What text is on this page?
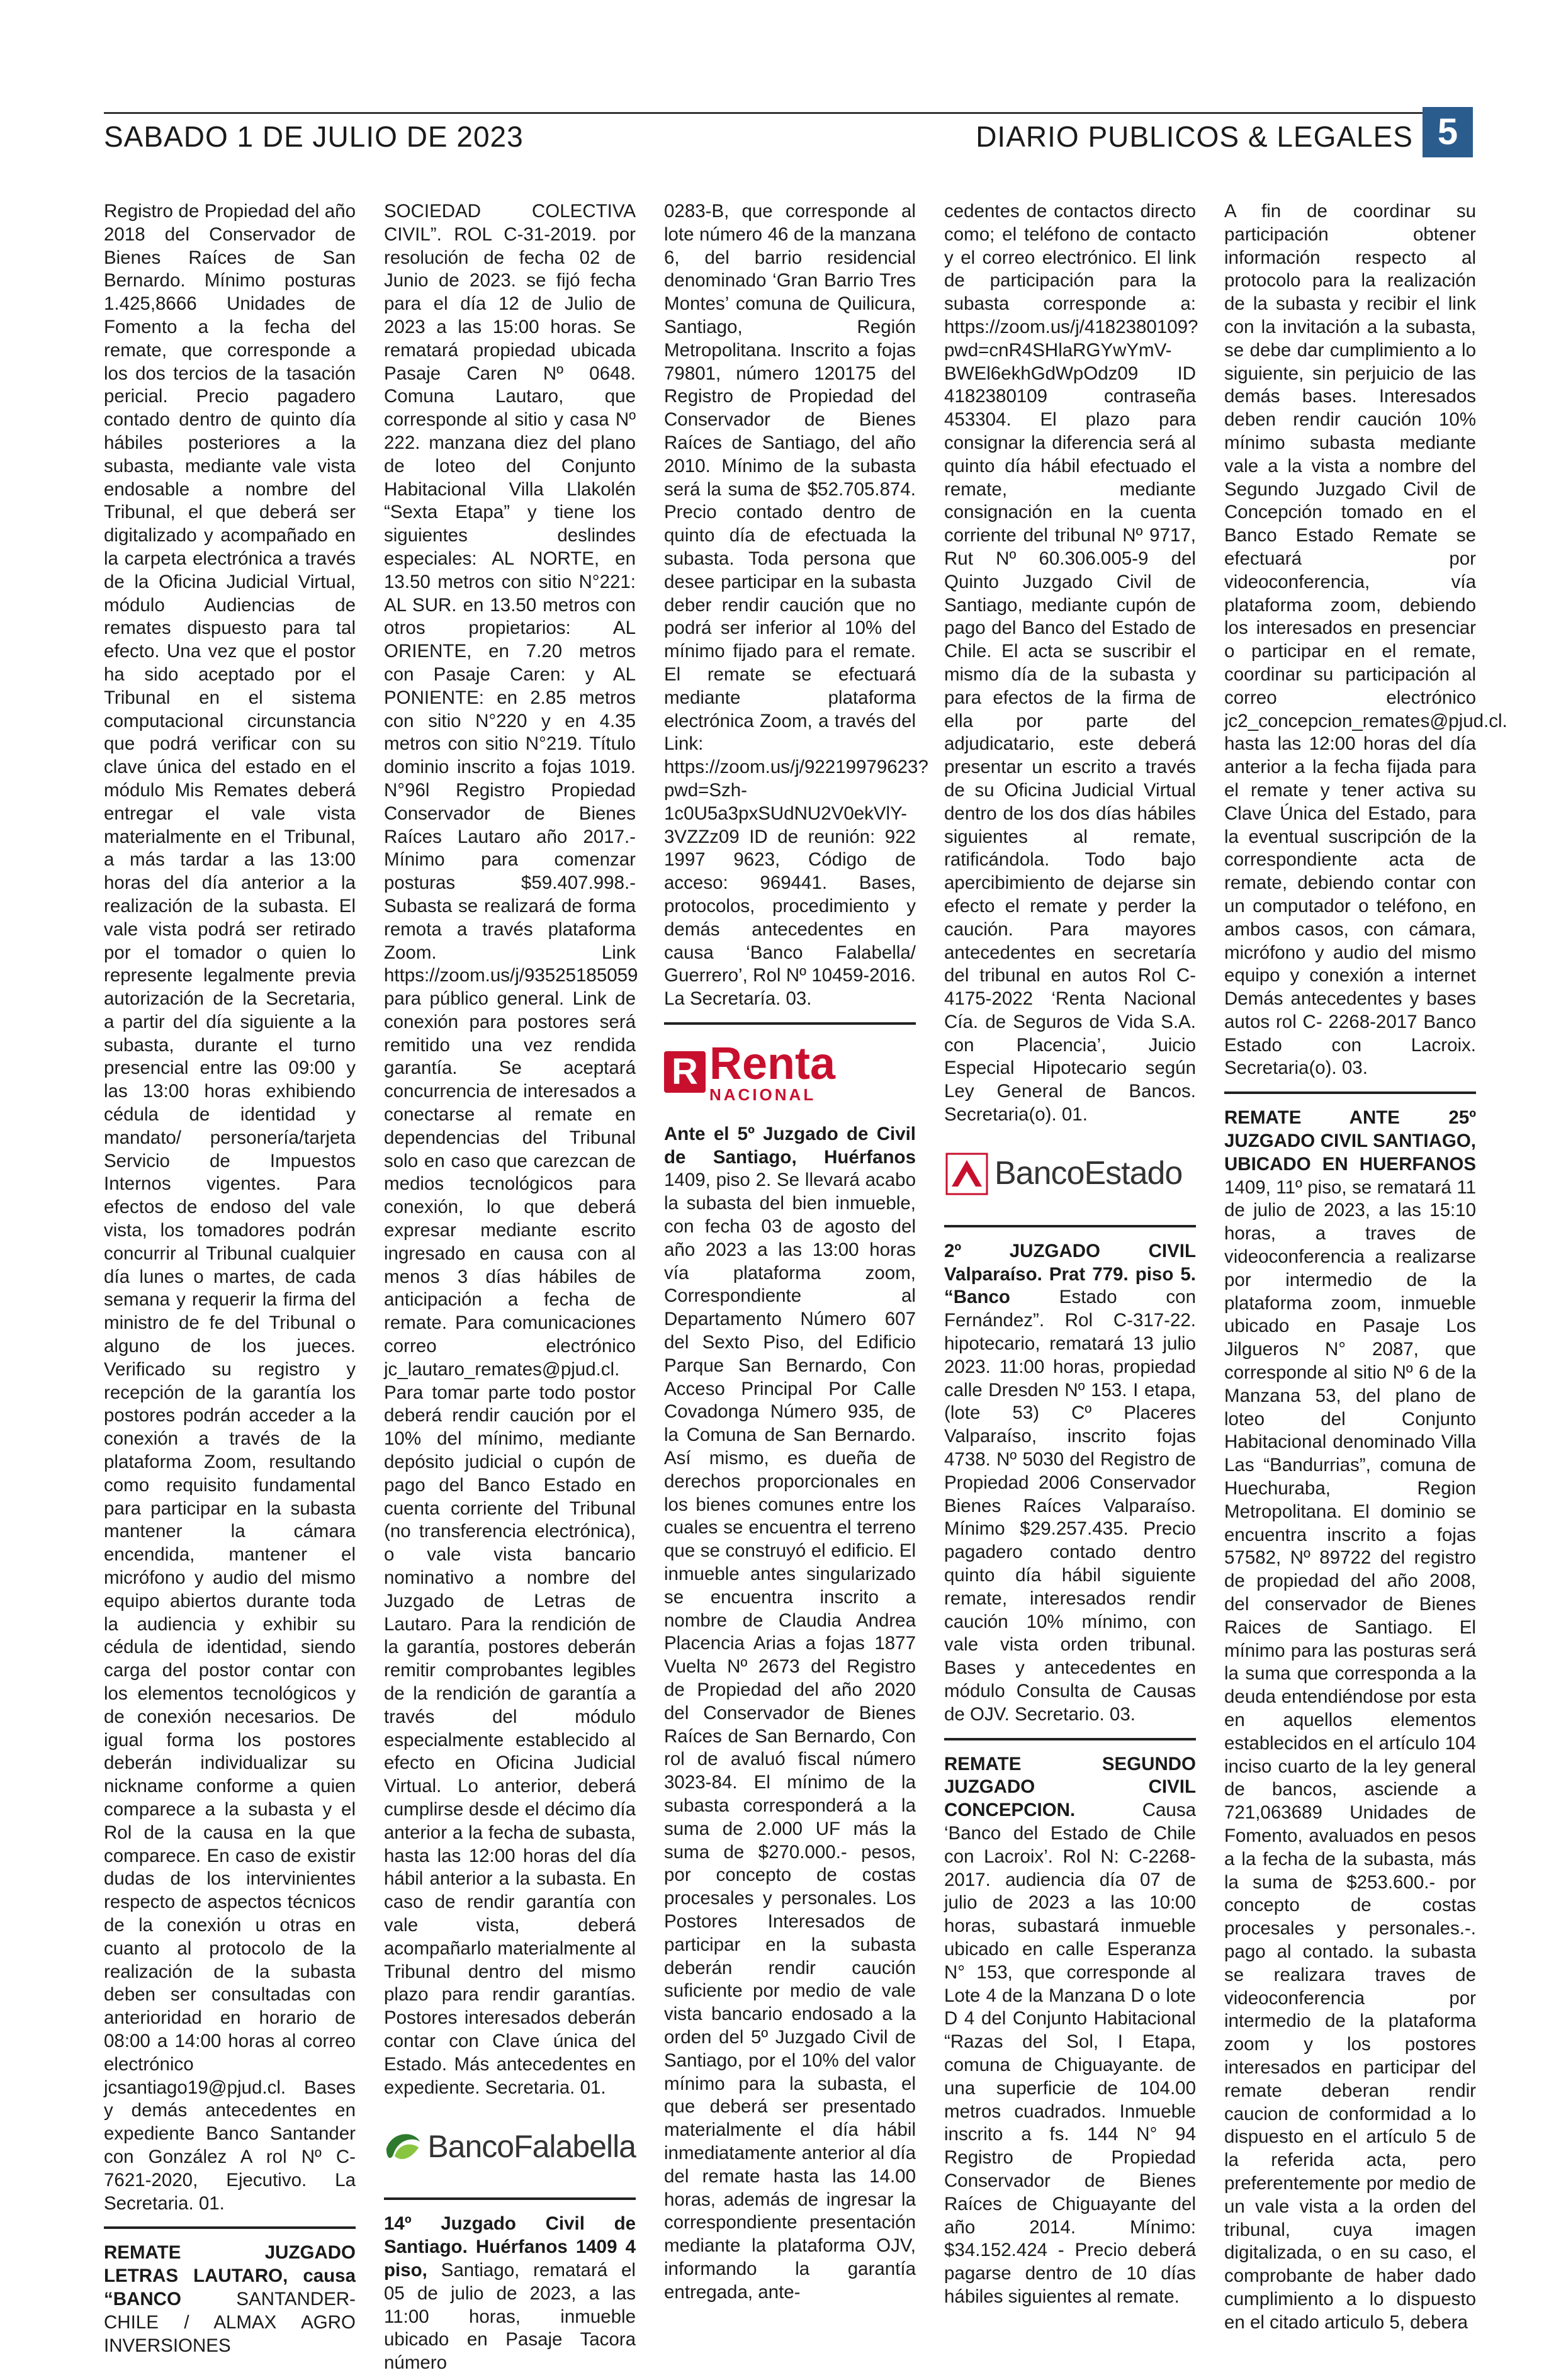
SABADO 1 DE JULIO DE 2023	DIARIO PUBLICOS & LEGALES 5

Registro de Propiedad del año 2018 del Conservador de Bienes Raíces de San Bernardo. Mínimo posturas 1.425,8666 Unidades de Fomento a la fecha del remate, que corresponde a los dos tercios de la tasación pericial. Precio pagadero contado dentro de quinto día hábiles posteriores a la subasta, mediante vale vista endosable a nombre del Tribunal, el que deberá ser digitalizado y acompañado en la carpeta electrónica a través de la Oficina Judicial Virtual, módulo Audiencias de remates dispuesto para tal efecto. Una vez que el postor ha sido aceptado por el Tribunal en el sistema computacional circunstancia que podrá verificar con su clave única del estado en el módulo Mis Remates deberá entregar el vale vista materialmente en el Tribunal, a más tardar a las 13:00 horas del día anterior a la realización de la subasta. El vale vista podrá ser retirado por el tomador o quien lo represente legalmente previa autorización de la Secretaria, a partir del día siguiente a la subasta, durante el turno presencial entre las 09:00 y las 13:00 horas exhibiendo cédula de identidad y mandato/ personería/tarjeta Servicio de Impuestos Internos vigentes. Para efectos de endoso del vale vista, los tomadores podrán concurrir al Tribunal cualquier día lunes o martes, de cada semana y requerir la firma del ministro de fe del Tribunal o alguno de los jueces. Verificado su registro y recepción de la garantía los postores podrán acceder a la conexión a través de la plataforma Zoom, resultando como requisito fundamental para participar en la subasta mantener la cámara encendida, mantener el micrófono y audio del mismo equipo abiertos durante toda la audiencia y exhibir su cédula de identidad, siendo carga del postor contar con los elementos tecnológicos y de conexión necesarios. De igual forma los postores deberán individualizar su nickname conforme a quien comparece a la subasta y el Rol de la causa en la que comparece. En caso de existir dudas de los intervinientes respecto de aspectos técnicos de la conexión u otras en cuanto al protocolo de la realización de la subasta deben ser consultadas con anterioridad en horario de 08:00 a 14:00 horas al correo electrónico jcsantiago19@pjud.cl. Bases y demás antecedentes en expediente Banco Santander con González A rol Nº C-7621-2020, Ejecutivo. La Secretaria. 01.

REMATE JUZGADO LETRAS LAUTARO, causa “BANCO	SANTANDER-CHILE / ALMAX AGRO INVERSIONES

SOCIEDAD COLECTIVA CIVIL”. ROL C-31-2019. por resolución de fecha 02 de Junio de 2023. se fijó fecha para el día 12 de Julio de 2023 a las 15:00 horas. Se rematará propiedad ubicada Pasaje Caren Nº 0648. Comuna Lautaro, que corresponde al sitio y casa Nº 222. manzana diez del plano de loteo del Conjunto Habitacional Villa Llakolén “Sexta Etapa” y tiene los siguientes deslindes especiales: AL NORTE, en 13.50 metros con sitio N°221: AL SUR. en 13.50 metros con otros propietarios: AL ORIENTE, en 7.20 metros con Pasaje Caren: y AL PONIENTE: en 2.85 metros con sitio N°220 y en 4.35 metros con sitio N°219. Título dominio inscrito a fojas 1019. N°96l Registro Propiedad Conservador de Bienes Raíces Lautaro año 2017.- Mínimo para comenzar posturas $59.407.998.- Subasta se realizará de forma remota a través plataforma Zoom. Link https://zoom.us/j/93525185059 para público general. Link de conexión para postores será remitido una vez rendida garantía. Se aceptará concurrencia de interesados a conectarse al remate en dependencias del Tribunal solo en caso que carezcan de medios tecnológicos para conexión, lo que deberá expresar mediante escrito ingresado en causa con al menos 3 días hábiles de anticipación a fecha de remate. Para comunicaciones correo electrónico jc_lautaro_remates@pjud.cl. Para tomar parte todo postor deberá rendir caución por el 10% del mínimo, mediante depósito judicial o cupón de pago del Banco Estado en cuenta corriente del Tribunal (no transferencia electrónica), o vale vista bancario nominativo a nombre del Juzgado de Letras de Lautaro. Para la rendición de la garantía, postores deberán remitir comprobantes legibles de la rendición de garantía a través del módulo especialmente establecido al efecto en Oficina Judicial Virtual. Lo anterior, deberá cumplirse desde el décimo día anterior a la fecha de subasta, hasta las 12:00 horas del día hábil anterior a la subasta. En caso de rendir garantía con vale vista, deberá acompañarlo materialmente al Tribunal dentro del mismo plazo para rendir garantías. Postores interesados deberán contar con Clave única del Estado. Más antecedentes en expediente. Secretaria. 01.

BancoFalabella

14º Juzgado Civil de Santiago. Huérfanos 1409 4 piso, Santiago, rematará el 05 de julio de 2023, a las 11:00 horas, inmueble ubicado en Pasaje Tacora número

0283-B, que corresponde al lote número 46 de la manzana 6, del barrio residencial denominado ‘Gran Barrio Tres Montes’ comuna de Quilicura, Santiago, Región Metropolitana. Inscrito a fojas 79801, número 120175 del Registro de Propiedad del Conservador de Bienes Raíces de Santiago, del año 2010. Mínimo de la subasta será la suma de $52.705.874. Precio contado dentro de quinto día de efectuada la subasta. Toda persona que desee participar en la subasta deber rendir caución que no podrá ser inferior al 10% del mínimo fijado para el remate. El remate se efectuará mediante plataforma electrónica Zoom, a través del Link: https://zoom.us/j/92219979623?pwd=Szh-1c0U5a3pxSUdNU2V0ekVlY-3VZZz09 ID de reunión: 922 1997 9623, Código de acceso: 969441. Bases, protocolos, procedimiento y demás antecedentes en causa ‘Banco Falabella/ Guerrero’, Rol Nº 10459-2016. La Secretaría. 03.

R Renta
NACIONAL

Ante el 5º Juzgado de Civil de Santiago, Huérfanos 1409, piso 2. Se llevará acabo la subasta del bien inmueble, con fecha 03 de agosto del año 2023 a las 13:00 horas vía plataforma zoom, Correspondiente al Departamento Número 607 del Sexto Piso, del Edificio Parque San Bernardo, Con Acceso Principal Por Calle Covadonga Número 935, de la Comuna de San Bernardo. Así mismo, es dueña de derechos proporcionales en los bienes comunes entre los cuales se encuentra el terreno que se construyó el edificio. El inmueble antes singularizado se encuentra inscrito a nombre de Claudia Andrea Placencia Arias a fojas 1877 Vuelta Nº 2673 del Registro de Propiedad del año 2020 del Conservador de Bienes Raíces de San Bernardo, Con rol de avaluó fiscal número 3023-84. El mínimo de la subasta corresponderá a la suma de 2.000 UF más la suma de $270.000.- pesos, por concepto de costas procesales y personales. Los Postores Interesados de participar en la subasta deberán rendir caución suficiente por medio de vale vista bancario endosado a la orden del 5º Juzgado Civil de Santiago, por el 10% del valor mínimo para la subasta, el que deberá ser presentado materialmente el día hábil inmediatamente anterior al día del remate hasta las 14.00 horas, además de ingresar la correspondiente presentación mediante la plataforma OJV, informando la garantía entregada, ante-

cedentes de contactos directo como; el teléfono de contacto y el correo electrónico. El link de participación para la subasta corresponde a: https://zoom.us/j/4182380109?pwd=cnR4SHlaRGYwYmV-BWEl6ekhGdWpOdz09 ID 4182380109 contraseña 453304. El plazo para consignar la diferencia será al quinto día hábil efectuado el remate, mediante consignación en la cuenta corriente del tribunal Nº 9717, Rut Nº 60.306.005-9 del Quinto Juzgado Civil de Santiago, mediante cupón de pago del Banco del Estado de Chile. El acta se suscribir el mismo día de la subasta y para efectos de la firma de ella por parte del adjudicatario, este deberá presentar un escrito a través de su Oficina Judicial Virtual dentro de los dos días hábiles siguientes al remate, ratificándola. Todo bajo apercibimiento de dejarse sin efecto el remate y perder la caución. Para mayores antecedentes en secretaría del tribunal en autos Rol C-4175-2022 ‘Renta Nacional Cía. de Seguros de Vida S.A. con Placencia’, Juicio Especial Hipotecario según Ley General de Bancos. Secretaria(o). 01.

BancoEstado

2º JUZGADO CIVIL Valparaíso. Prat 779. piso 5. “Banco	Estado con Fernández”. Rol C-317-22. hipotecario, rematará 13 julio 2023. 11:00 horas, propiedad calle Dresden Nº 153. I etapa, (lote 53) Cº Placeres Valparaíso, inscrito fojas 4738. Nº 5030 del Registro de Propiedad 2006 Conservador Bienes Raíces Valparaíso. Mínimo $29.257.435. Precio pagadero contado dentro quinto día hábil siguiente remate, interesados rendir caución 10% mínimo, con vale vista orden tribunal. Bases y antecedentes en módulo Consulta de Causas de OJV. Secretario. 03.

REMATE SEGUNDO JUZGADO CIVIL CONCEPCION.	Causa ‘Banco del Estado de Chile con Lacroix’. Rol N: C-2268-2017. audiencia día 07 de julio de 2023 a las 10:00 horas, subastará inmueble ubicado en calle Esperanza N° 153, que corresponde al Lote 4 de la Manzana D o lote D 4 del Conjunto Habitacional “Razas del Sol, I Etapa, comuna de Chiguayante. de una superficie de 104.00 metros cuadrados. Inmueble inscrito a fs. 144 N° 94 Registro de Propiedad Conservador de Bienes Raíces de Chiguayante del año 2014. Mínimo: $34.152.424 - Precio deberá pagarse dentro de 10 días hábiles siguientes al remate.

A fin de coordinar su participación obtener información respecto al protocolo para la realización de la subasta y recibir el link con la invitación a la subasta, se debe dar cumplimiento a lo siguiente, sin perjuicio de las demás bases. Interesados deben rendir caución 10% mínimo subasta mediante vale a la vista a nombre del Segundo Juzgado Civil de Concepción tomado en el Banco Estado Remate se efectuará por videoconferencia, vía plataforma zoom, debiendo los interesados en presenciar o participar en el remate, coordinar su participación al correo electrónico jc2_concepcion_remates@pjud.cl. hasta las 12:00 horas del día anterior a la fecha fijada para el remate y tener activa su Clave Única del Estado, para la eventual suscripción de la correspondiente acta de remate, debiendo contar con un computador o teléfono, en ambos casos, con cámara, micrófono y audio del mismo equipo y conexión a internet Demás antecedentes y bases autos rol C- 2268-2017 Banco Estado con Lacroix. Secretaria(o). 03.

REMATE ANTE 25º JUZGADO CIVIL SANTIAGO, UBICADO EN HUERFANOS 1409, 11º piso, se rematará 11 de julio de 2023, a las 15:10 horas, a traves de videoconferencia a realizarse por intermedio de la plataforma zoom, inmueble ubicado en Pasaje Los Jilgueros N° 2087, que corresponde al sitio Nº 6 de la Manzana 53, del plano de loteo del Conjunto Habitacional denominado Villa Las “Bandurrias”, comuna de Huechuraba, Region Metropolitana. El dominio se encuentra inscrito a fojas 57582, Nº 89722 del registro de propiedad del año 2008, del conservador de Bienes Raices de Santiago. El mínimo para las posturas será la suma que corresponda a la deuda entendiéndose por esta en aquellos elementos establecidos en el artículo 104 inciso cuarto de la ley general de bancos, asciende a 721,063689 Unidades de Fomento, avaluados en pesos a la fecha de la subasta, más la suma de $253.600.- por concepto de costas procesales y personales.-. pago al contado. la subasta se realizara traves de videoconferencia por intermedio de la plataforma zoom y los postores interesados en participar del remate deberan rendir caucion de conformidad a lo dispuesto en el artículo 5 de la referida acta, pero preferentemente por medio de un vale vista a la orden del tribunal, cuya imagen digitalizada, o en su caso, el comprobante de haber dado cumplimiento a lo dispuesto en el citado articulo 5, debera
